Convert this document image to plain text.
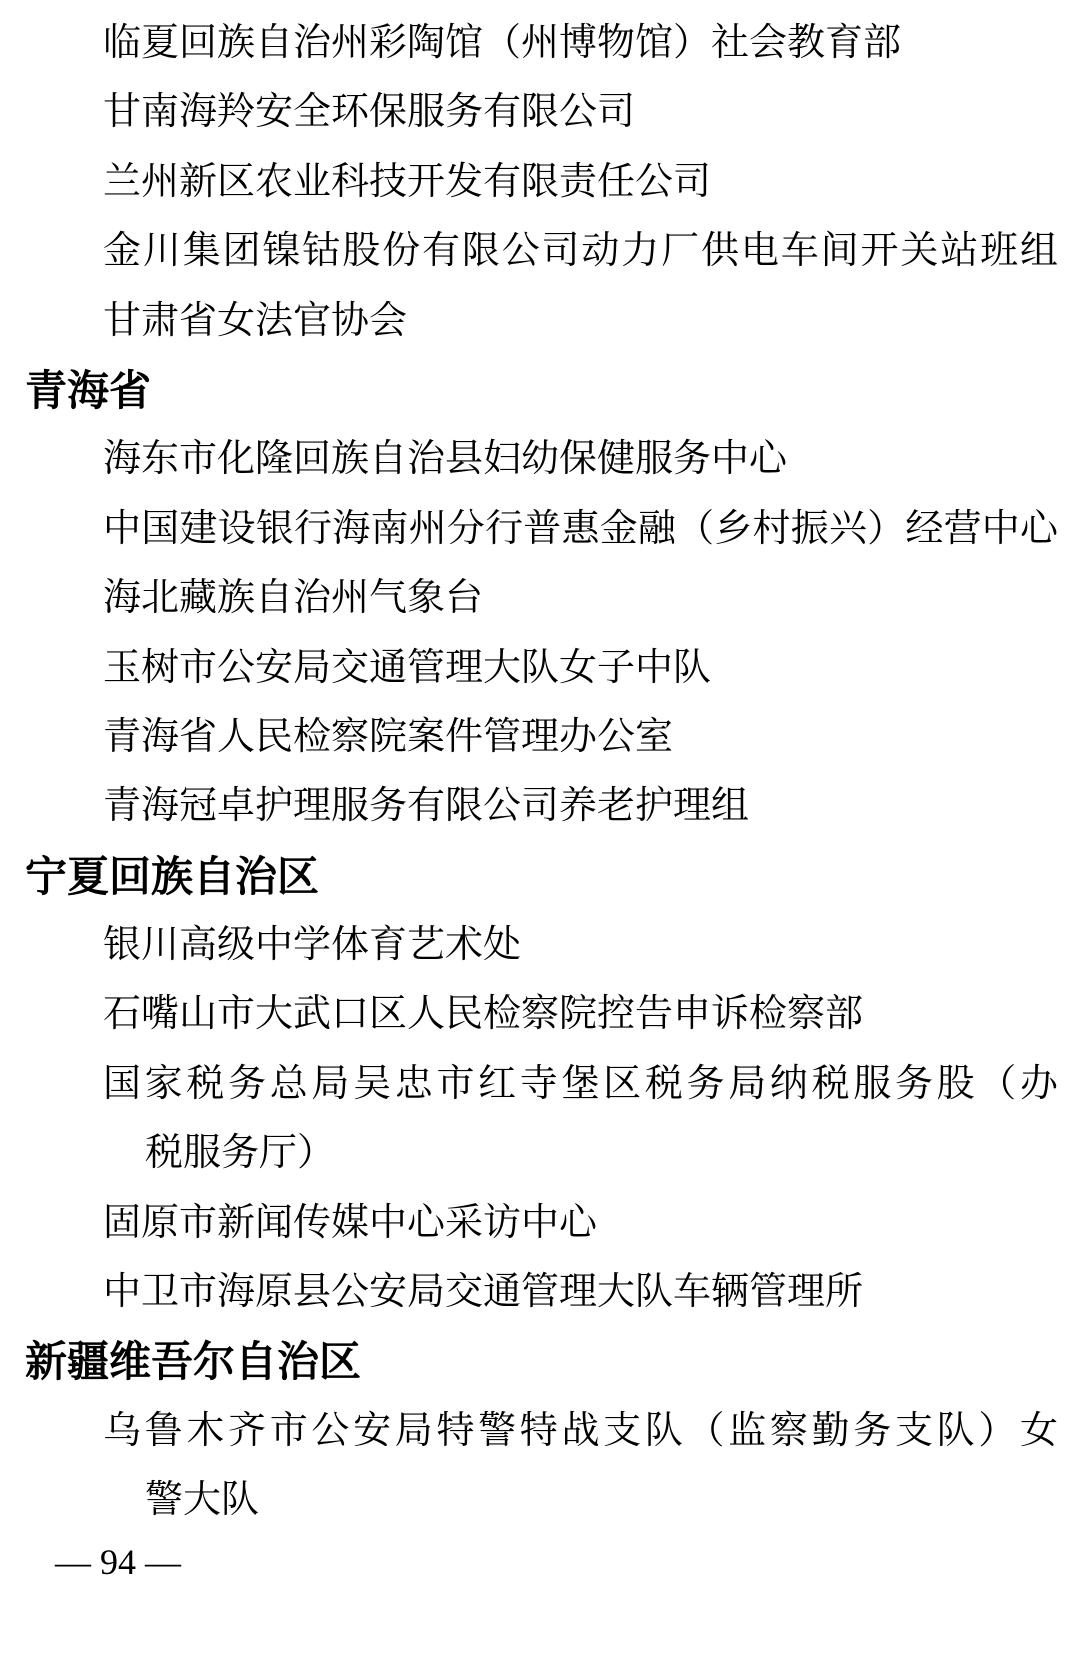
临夏回族自治州彩陶馆（州博物馆）社会教育部
甘南海羚安全环保服务有限公司
兰州新区农业科技开发有限责任公司
金川集团镍钴股份有限公司动力厂供电车间开关站班组
甘肃省女法官协会
青海省
海东市化隆回族自治县妇幼保健服务中心
中国建设银行海南州分行普惠金融（乡村振兴）经营中心
海北藏族自治州气象台
玉树市公安局交通管理大队女子中队
青海省人民检察院案件管理办公室
青海冠卓护理服务有限公司养老护理组
宁夏回族自治区
银川高级中学体育艺术处
石嘴山市大武口区人民检察院控告申诉检察部
国家税务总局吴忠市红寺堡区税务局纳税服务股（办
税服务厅）
固原市新闻传媒中心采访中心
中卫市海原县公安局交通管理大队车辆管理所
新疆维吾尔自治区
乌鲁木齐市公安局特警特战支队（监察勤务支队）女
警大队
— 94 —
